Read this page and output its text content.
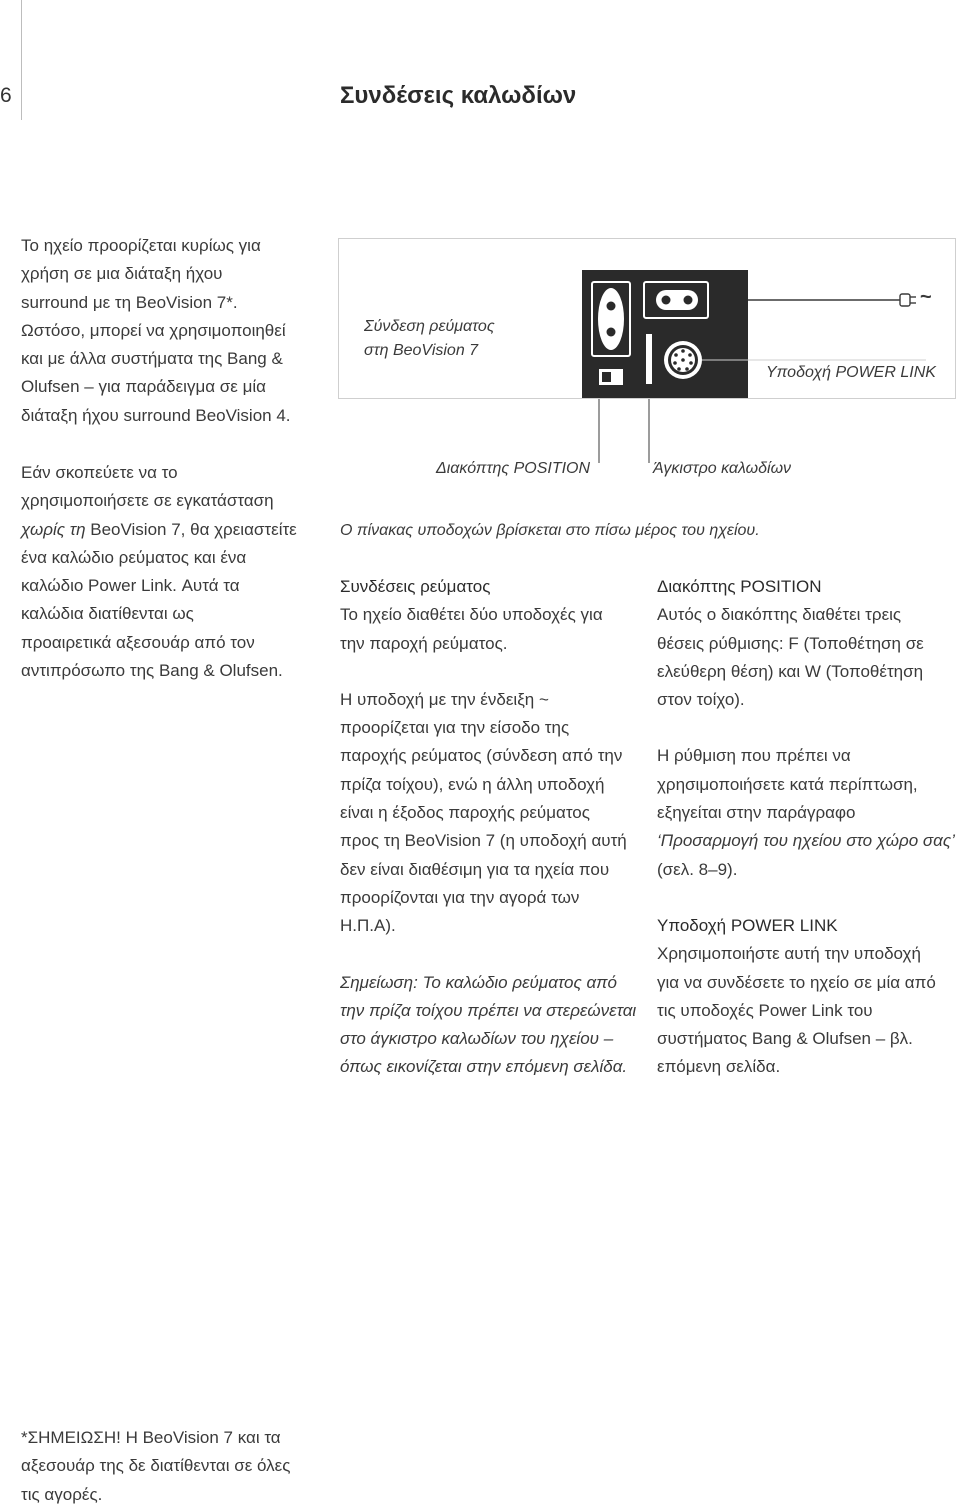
6	Συνδέσεις καλωδίων

Το ηχείο προορίζεται κυρίως για

χρήση σε μια διάταξη ήχου

surround με τη BeoVision 7*.

Ωστόσο, μπορεί να χρησιμοποιηθεί

και με άλλα συστήματα της Bang &

Olufsen – για παράδειγμα σε μία

διάταξη ήχου surround BeoVision 4.

Εάν σκοπεύετε να το

χρησιμοποιήσετε σε εγκατάσταση

χωρίς τη BeoVision 7, θα χρειαστείτε

ένα καλώδιο ρεύματος και ένα

καλώδιο Power Link. Αυτά τα

καλώδια διατίθενται ως

προαιρετικά αξεσουάρ από τον

αντιπρόσωπο της Bang & Olufsen.

*ΣΗΜΕΙΩΣΗ! Η BeoVision 7 και τα

αξεσουάρ της δε διατίθενται σε όλες

τις αγορές.

Σύνδεση ρεύματος
στη BeoVision 7
~
Υποδοχή POWER LINK
Διακόπτης POSITION	Άγκιστρο καλωδίων
Ο πίνακας υποδοχών βρίσκεται στο πίσω μέρος του ηχείου.

Συνδέσεις ρεύματος

Το ηχείο διαθέτει δύο υποδοχές για

την παροχή ρεύματος.

Η υποδοχή με την ένδειξη ~

προορίζεται για την είσοδο της

παροχής ρεύματος (σύνδεση από την

πρίζα τοίχου), ενώ η άλλη υποδοχή

είναι η έξοδος παροχής ρεύματος

προς τη BeoVision 7 (η υποδοχή αυτή

δεν είναι διαθέσιμη για τα ηχεία που

προορίζονται για την αγορά των

Η.Π.Α).

Σημείωση: Το καλώδιο ρεύματος από

την πρίζα τοίχου πρέπει να στερεώνεται

στο άγκιστρο καλωδίων του ηχείου –

όπως εικονίζεται στην επόμενη σελίδα.

Διακόπτης POSITION

Αυτός ο διακόπτης διαθέτει τρεις

θέσεις ρύθμισης: F (Τοποθέτηση σε

ελεύθερη θέση) και W (Τοποθέτηση

στον τοίχο).

Η ρύθμιση που πρέπει να

χρησιμοποιήσετε κατά περίπτωση,

εξηγείται στην παράγραφο

‘Προσαρμογή του ηχείου στο χώρο σας’

(σελ. 8–9).

Υποδοχή POWER LINK

Χρησιμοποιήστε αυτή την υποδοχή

για να συνδέσετε το ηχείο σε μία από

τις υποδοχές Power Link του

συστήματος Bang & Olufsen – βλ.

επόμενη σελίδα.
